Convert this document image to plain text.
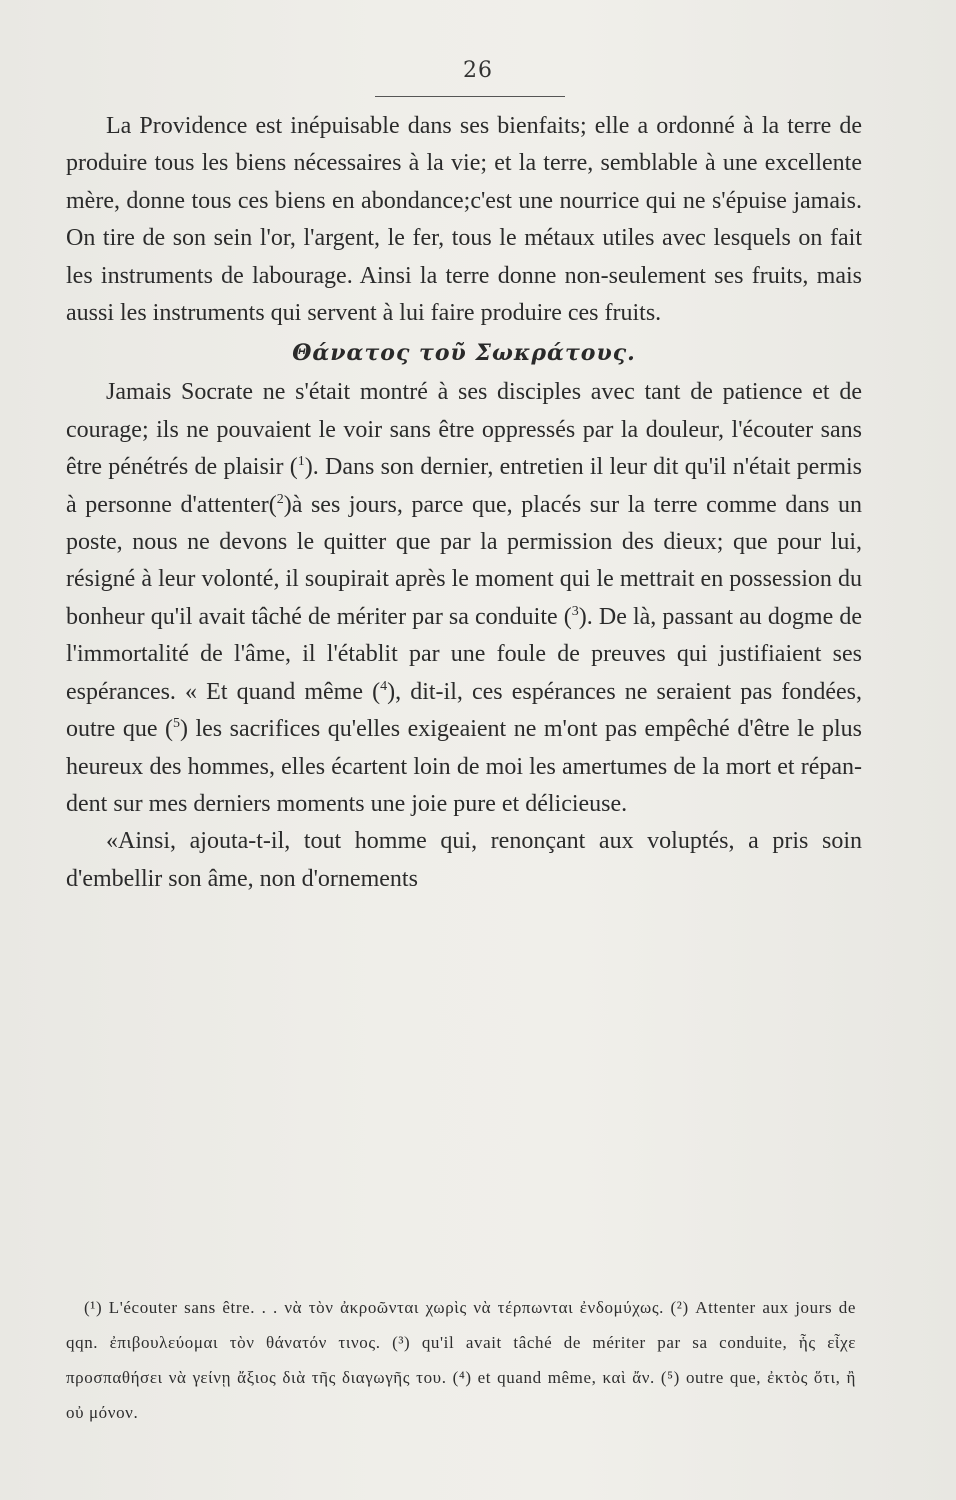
26

La Providence est inépuisable dans ses bienfaits; elle a ordonné à la terre de produire tous les biens nécessaires à la vie; et la terre, semblable à une excellente mère, donne tous ces biens en abondance;c'est une nourrice qui ne s'épuise jamais. On tire de son sein l'or, l'argent, le fer, tous le métaux utiles avec lesquels on fait les instruments de labourage. Ainsi la terre donne non-seulement ses fruits, mais aussi les instruments qui servent à lui faire produire ces fruits.

Θάνατος τοῦ Σωκράτους.

Jamais Socrate ne s'était montré à ses disciples avec tant de patience et de courage; ils ne pouvaient le voir sans être oppressés par la douleur, l'écouter sans être pénétrés de plaisir ($^1$). Dans son dernier, entretien il leur dit qu'il n'était permis à personne d'attenter($^2$)à ses jours, parce que, placés sur la terre comme dans un poste, nous ne devons le quitter que par la permission des dieux; que pour lui, résigné à leur volonté, il soupirait après le moment qui le mettrait en possession du bonheur qu'il avait tâché de mériter par sa conduite ($^3$). De là, passant au dogme de l'immortalité de l'âme, il l'établit par une foule de preuves qui justifiaient ses espérances. « Et quand même ($^4$), dit-il, ces espérances ne seraient pas fondées, outre que ($^5$) les sacrifices qu'elles exigeaient ne m'ont pas empêché d'être le plus heureux des hommes, elles écartent loin de moi les amertumes de la mort et répandent sur mes derniers moments une joie pure et délicieuse.

«Ainsi, ajouta-t-il, tout homme qui, renonçant aux voluptés, a pris soin d'embellir son âme, non d'ornements

(¹) L'écouter sans être. . . νὰ τὸν ἀκροῶνται χωρὶς νὰ τέρπωνται ἐνδομύχως. (²) Attenter aux jours de qqn. ἐπιβουλεύομαι τὸν θάνατόν τινος. (³) qu'il avait tâché de mériter par sa conduite, ἧς εἶχε προσπαθήσει νὰ γείνῃ ἄξιος διὰ τῆς διαγωγῆς του. (⁴) et quand même, καὶ ἄν. (⁵) outre que, ἐκτὸς ὅτι, ἢ οὐ μόνον.
